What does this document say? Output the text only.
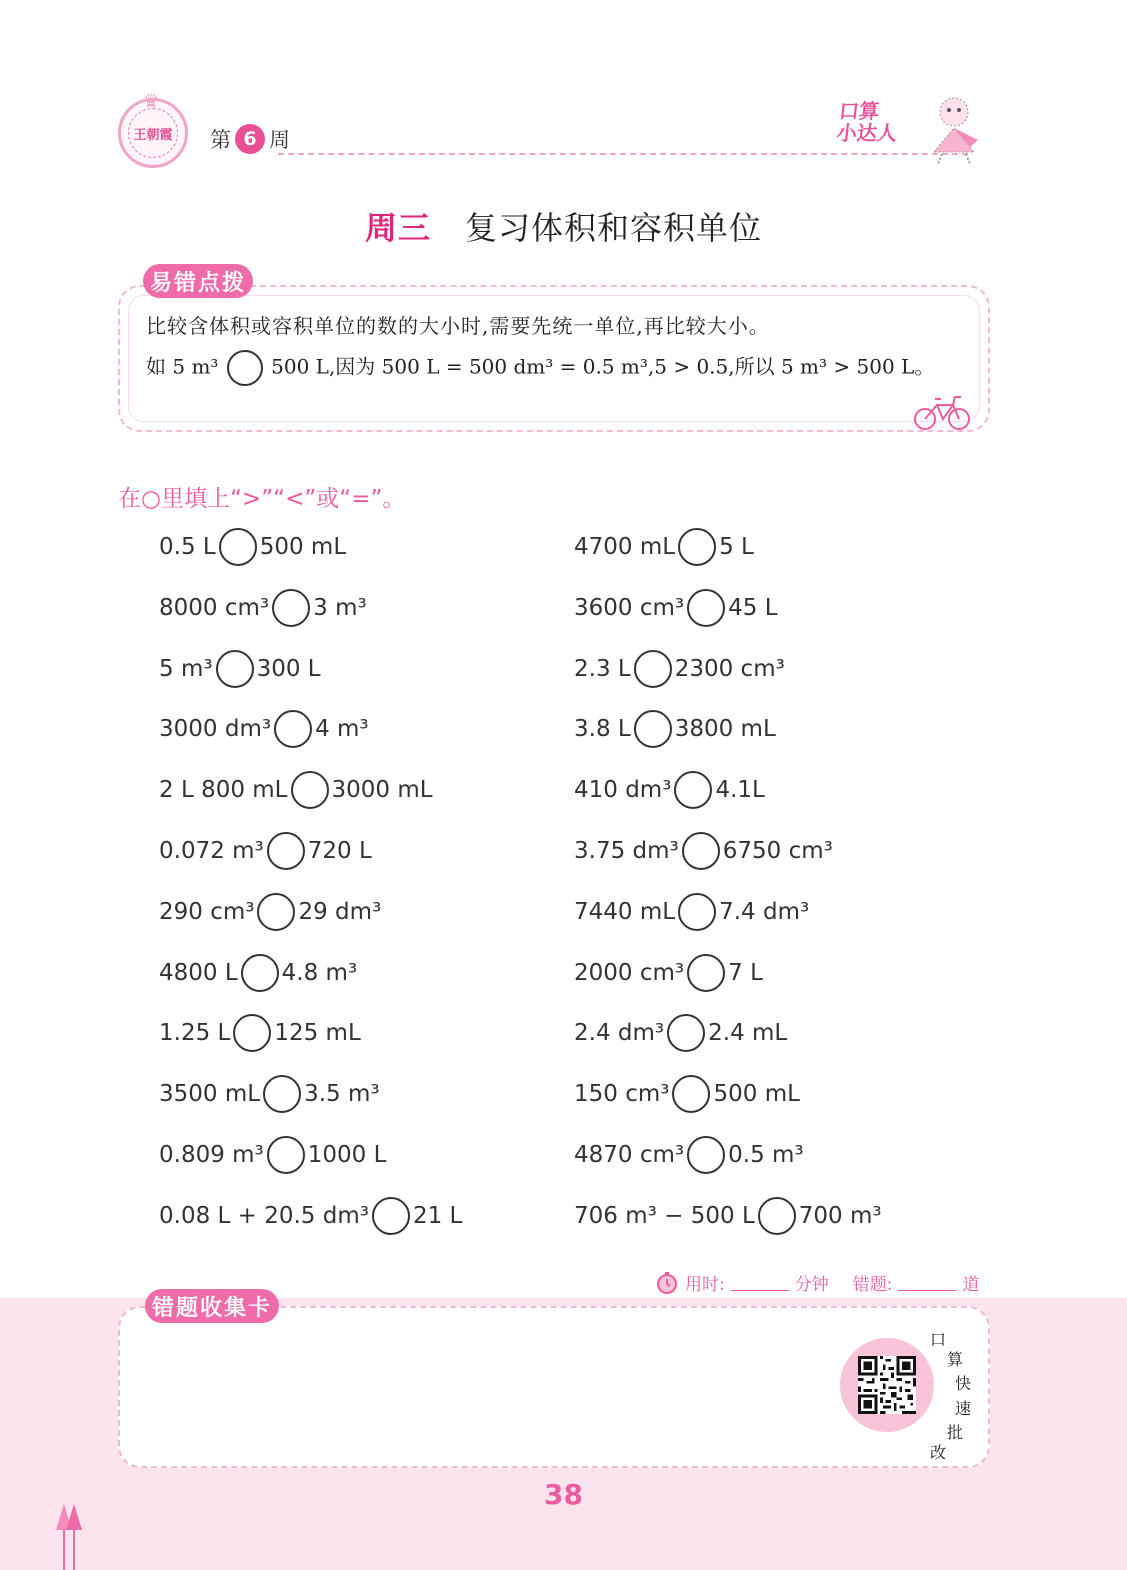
♛
王朝霞 第 6 周
口算
小达人
周三 复习体积和容积单位
易错点拨
比较含体积或容积单位的数的大小时,需要先统一单位,再比较大小。
如 5 m³	500 L,因为 500 L = 500 dm³ = 0.5 m³,5 > 0.5,所以 5 m³ > 500 L。
在○里填上“>”“<”或“=”。
0.5 L 500 mL
8000 cm³ 3 m³
5 m³ 300 L
3000 dm³ 4 m³
2 L 800 mL 3000 mL
0.072 m³ 720 L
290 cm³ 29 dm³
4800 L 4.8 m³
1.25 L 125 mL
3500 mL 3.5 m³
0.809 m³ 1000 L
0.08 L + 20.5 dm³ 21 L
4700 mL 5 L
3600 cm³ 45 L
2.3 L 2300 cm³
3.8 L 3800 mL
410 dm³ 4.1L
3.75 dm³ 6750 cm³
7440 mL 7.4 dm³
2000 cm³ 7 L
2.4 dm³ 2.4 mL
150 cm³ 500 mL
4870 cm³ 0.5 m³
706 m³ − 500 L 700 m³
用时:	分钟 错题:	道
错题收集卡
口
算
快
速
批
改
38
